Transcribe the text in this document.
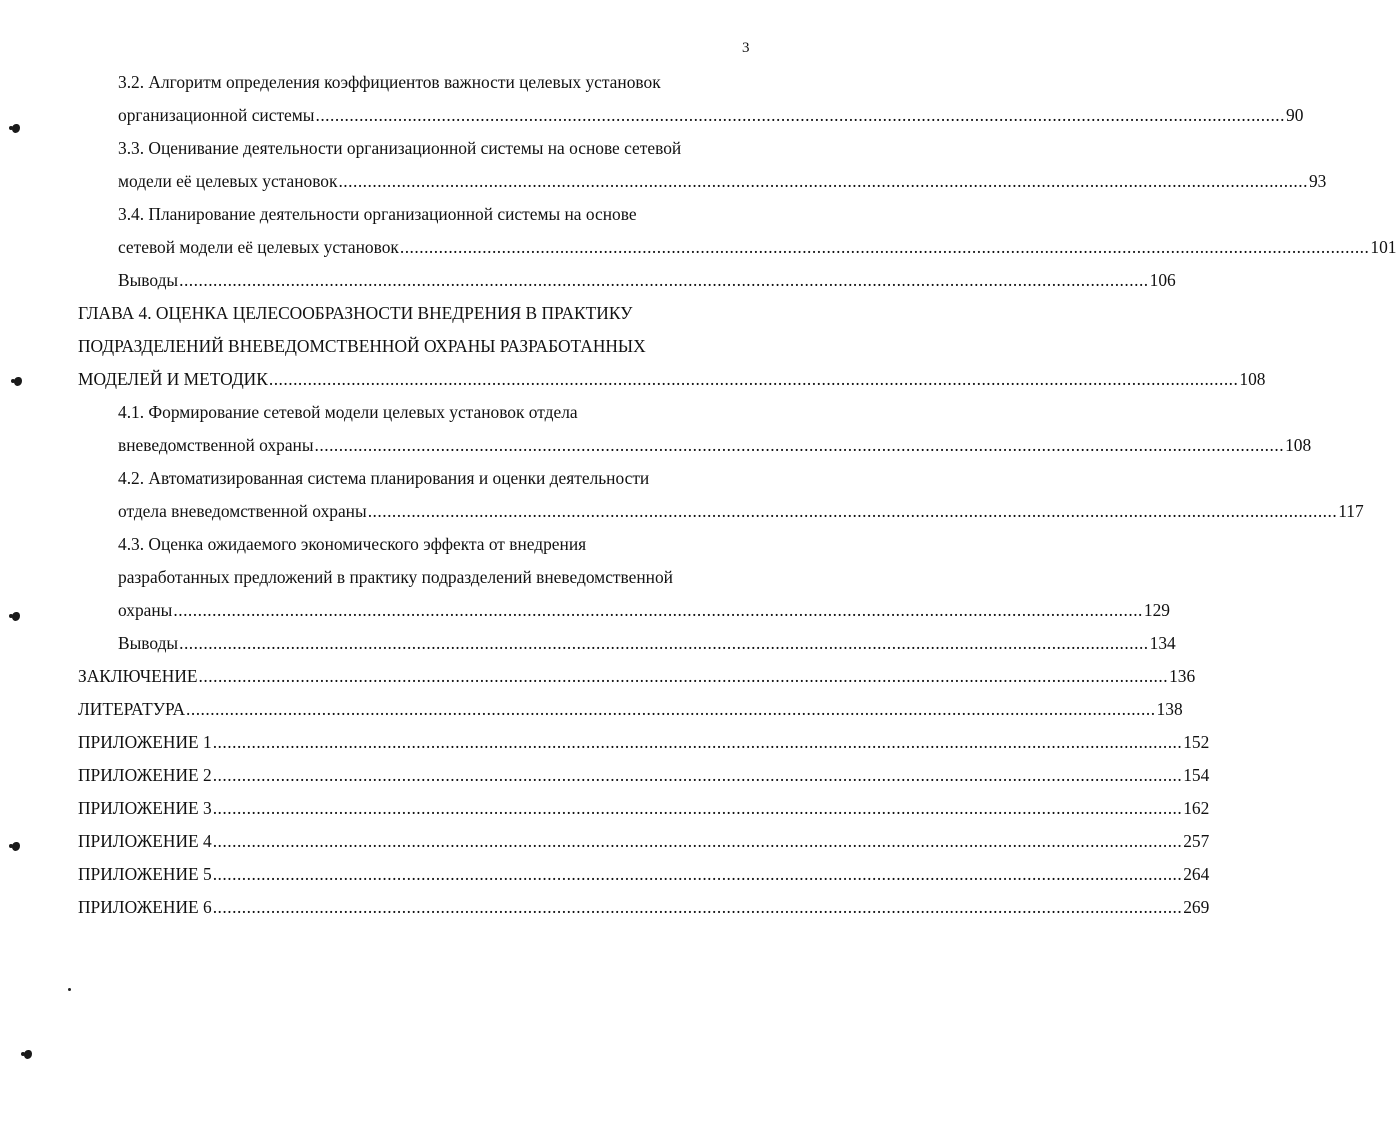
3
3.2. Алгоритм определения коэффициентов важности целевых установок
организационной системы ........................................................................................................................................................................................................ 90
3.3. Оценивание деятельности организационной системы на основе сетевой
модели её целевых установок ........................................................................................................................................................................................................ 93
3.4. Планирование деятельности организационной системы на основе
сетевой модели её целевых установок ........................................................................................................................................................................................................ 101
Выводы ........................................................................................................................................................................................................ 106
ГЛАВА 4. ОЦЕНКА ЦЕЛЕСООБРАЗНОСТИ ВНЕДРЕНИЯ В ПРАКТИКУ
ПОДРАЗДЕЛЕНИЙ ВНЕВЕДОМСТВЕННОЙ ОХРАНЫ РАЗРАБОТАННЫХ
МОДЕЛЕЙ И МЕТОДИК ........................................................................................................................................................................................................ 108
4.1. Формирование сетевой модели целевых установок отдела
вневедомственной охраны ........................................................................................................................................................................................................ 108
4.2. Автоматизированная система планирования и оценки деятельности
отдела вневедомственной охраны ........................................................................................................................................................................................................ 117
4.3. Оценка ожидаемого экономического эффекта от внедрения
разработанных предложений в практику подразделений вневедомственной
охраны ........................................................................................................................................................................................................ 129
Выводы ........................................................................................................................................................................................................ 134
ЗАКЛЮЧЕНИЕ ........................................................................................................................................................................................................ 136
ЛИТЕРАТУРА ........................................................................................................................................................................................................ 138
ПРИЛОЖЕНИЕ 1 ........................................................................................................................................................................................................ 152
ПРИЛОЖЕНИЕ 2 ........................................................................................................................................................................................................ 154
ПРИЛОЖЕНИЕ 3 ........................................................................................................................................................................................................ 162
ПРИЛОЖЕНИЕ 4 ........................................................................................................................................................................................................ 257
ПРИЛОЖЕНИЕ 5 ........................................................................................................................................................................................................ 264
ПРИЛОЖЕНИЕ 6 ........................................................................................................................................................................................................ 269
